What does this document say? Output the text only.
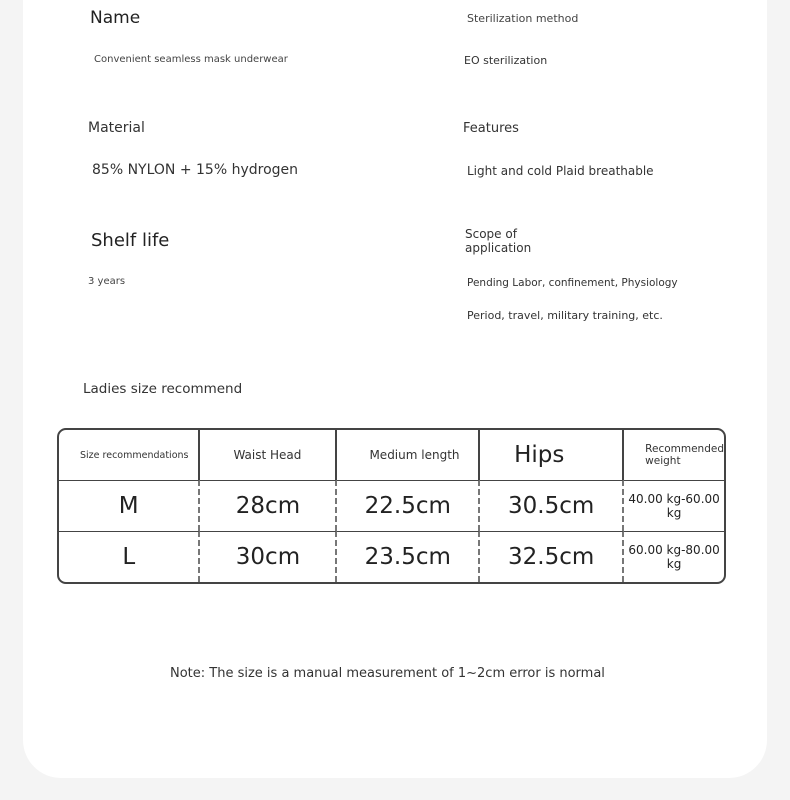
Name
Convenient seamless mask underwear
Sterilization method
EO sterilization
Material
85% NYLON + 15% hydrogen
Features
Light and cold Plaid breathable
Shelf life
3 years
Scope of application
Pending Labor, confinement, Physiology
Period, travel, military training, etc.
Ladies size recommend
Size recommendations	Waist Head	Medium length	Hips	Recommended weight
M	28cm	22.5cm	30.5cm	40.00 kg-60.00 kg
L	30cm	23.5cm	32.5cm	60.00 kg-80.00 kg
Note: The size is a manual measurement of 1~2cm error is normal
